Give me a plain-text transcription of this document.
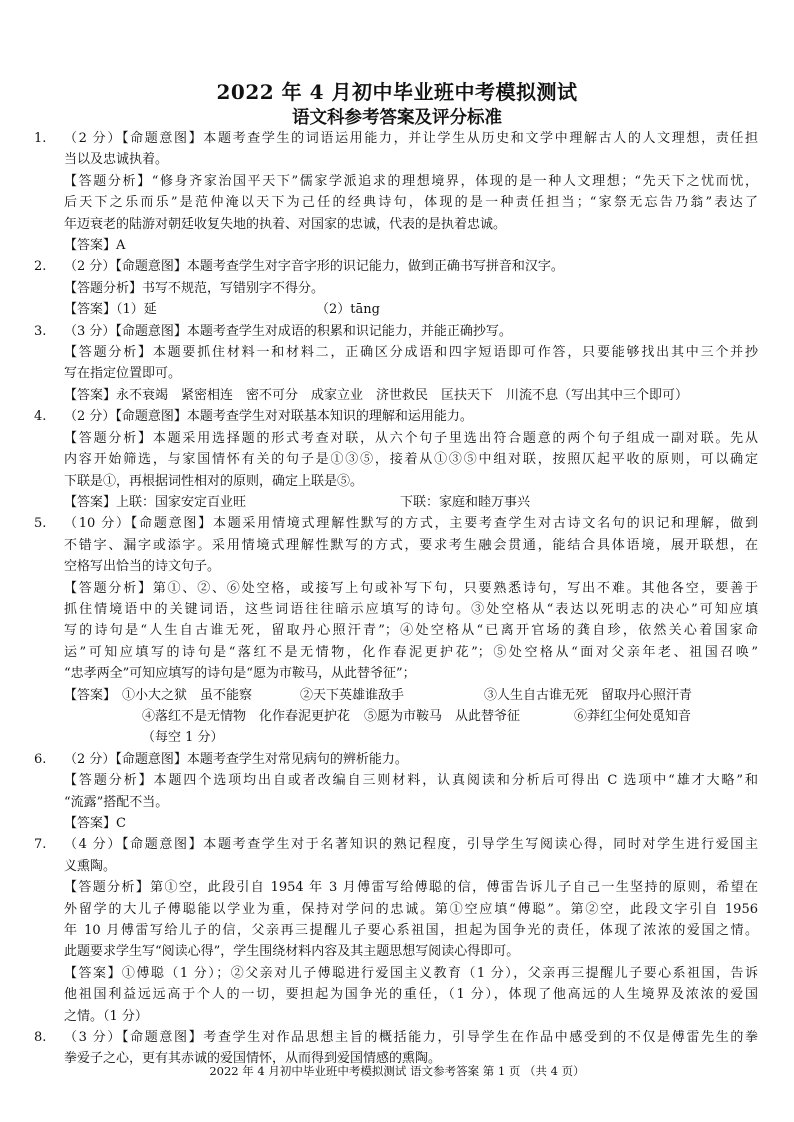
2022 年 4 月初中毕业班中考模拟测试
语文科参考答案及评分标准
1. （2 分）【命题意图】本题考查学生的词语运用能力，并让学生从历史和文学中理解古人的人文理想，责任担
当以及忠诚执着。
【答题分析】“修身齐家治国平天下”儒家学派追求的理想境界，体现的是一种人文理想；“先天下之忧而忧，
后天下之乐而乐”是范仲淹以天下为己任的经典诗句，体现的是一种责任担当；“家祭无忘告乃翁”表达了
年迈衰老的陆游对朝廷收复失地的执着、对国家的忠诚，代表的是执着忠诚。
【答案】A
2. （2 分）【命题意图】本题考查学生对字音字形的识记能力，做到正确书写拼音和汉字。
【答题分析】书写不规范，写错别字不得分。
【答案】（1）延	（2）tāng
3. （3 分）【命题意图】本题考查学生对成语的积累和识记能力，并能正确抄写。
【答题分析】本题要抓住材料一和材料二，正确区分成语和四字短语即可作答，只要能够找出其中三个并抄
写在指定位置即可。
【答案】永不衰竭　紧密相连　密不可分　成家立业　济世救民　匡扶天下　川流不息（写出其中三个即可）
4. （2 分）【命题意图】本题考查学生对对联基本知识的理解和运用能力。
【答题分析】本题采用选择题的形式考查对联，从六个句子里选出符合题意的两个句子组成一副对联。先从
内容开始筛选，与家国情怀有关的句子是①③⑤，接着从①③⑤中组对联，按照仄起平收的原则，可以确定
下联是①，再根据词性相对的原则，确定上联是⑤。
【答案】上联：国家安定百业旺	下联：家庭和睦万事兴
5. （10 分）【命题意图】本题采用情境式理解性默写的方式，主要考查学生对古诗文名句的识记和理解，做到
不错字、漏字或添字。采用情境式理解性默写的方式，要求考生融会贯通，能结合具体语境，展开联想，在
空格写出恰当的诗文句子。
【答题分析】第①、②、⑥处空格，或接写上句或补写下句，只要熟悉诗句，写出不难。其他各空，要善于
抓住情境语中的关键词语，这些词语往往暗示应填写的诗句。③处空格从“表达以死明志的决心”可知应填
写的诗句是“人生自古谁无死，留取丹心照汗青”；④处空格从“已离开官场的龚自珍，依然关心着国家命
运”可知应填写的诗句是“落红不是无情物，化作春泥更护花”；⑤处空格从“面对父亲年老、祖国召唤”
“忠孝两全”可知应填写的诗句是“愿为市鞍马，从此替爷征”；
【答案】 ①小大之狱　虽不能察	②天下英雄谁敌手	③人生自古谁无死　留取丹心照汗青
④落红不是无情物　化作春泥更护花	⑤愿为市鞍马　从此替爷征	⑥莽红尘何处觅知音
（每空 1 分）
6. （2 分）【命题意图】本题考查学生对常见病句的辨析能力。
【答题分析】本题四个选项均出自或者改编自三则材料，认真阅读和分析后可得出 C 选项中“雄才大略”和
“流露”搭配不当。
【答案】C
7. （4 分）【命题意图】本题考查学生对于名著知识的熟记程度，引导学生写阅读心得，同时对学生进行爱国主
义熏陶。
【答题分析】第①空，此段引自 1954 年 3 月傅雷写给傅聪的信，傅雷告诉儿子自己一生坚持的原则，希望在
外留学的大儿子傅聪能以学业为重，保持对学问的忠诚。第①空应填“傅聪”。第②空，此段文字引自 1956
年 10 月傅雷写给儿子的信，父亲再三提醒儿子要心系祖国，担起为国争光的责任，体现了浓浓的爱国之情。
此题要求学生写“阅读心得”，学生围绕材料内容及其主题思想写阅读心得即可。
【答案】①傅聪（1 分）；②父亲对儿子傅聪进行爱国主义教育（1 分），父亲再三提醒儿子要心系祖国，告诉
他祖国利益远远高于个人的一切，要担起为国争光的重任，（1 分），体现了他高远的人生境界及浓浓的爱国
之情。（1 分）
8. （3 分）【命题意图】考查学生对作品思想主旨的概括能力，引导学生在作品中感受到的不仅是傅雷先生的拳
拳爱子之心，更有其赤诚的爱国情怀，从而得到爱国情感的熏陶。
2022 年 4 月初中毕业班中考模拟测试 语文参考答案 第 1 页 （共 4 页）
